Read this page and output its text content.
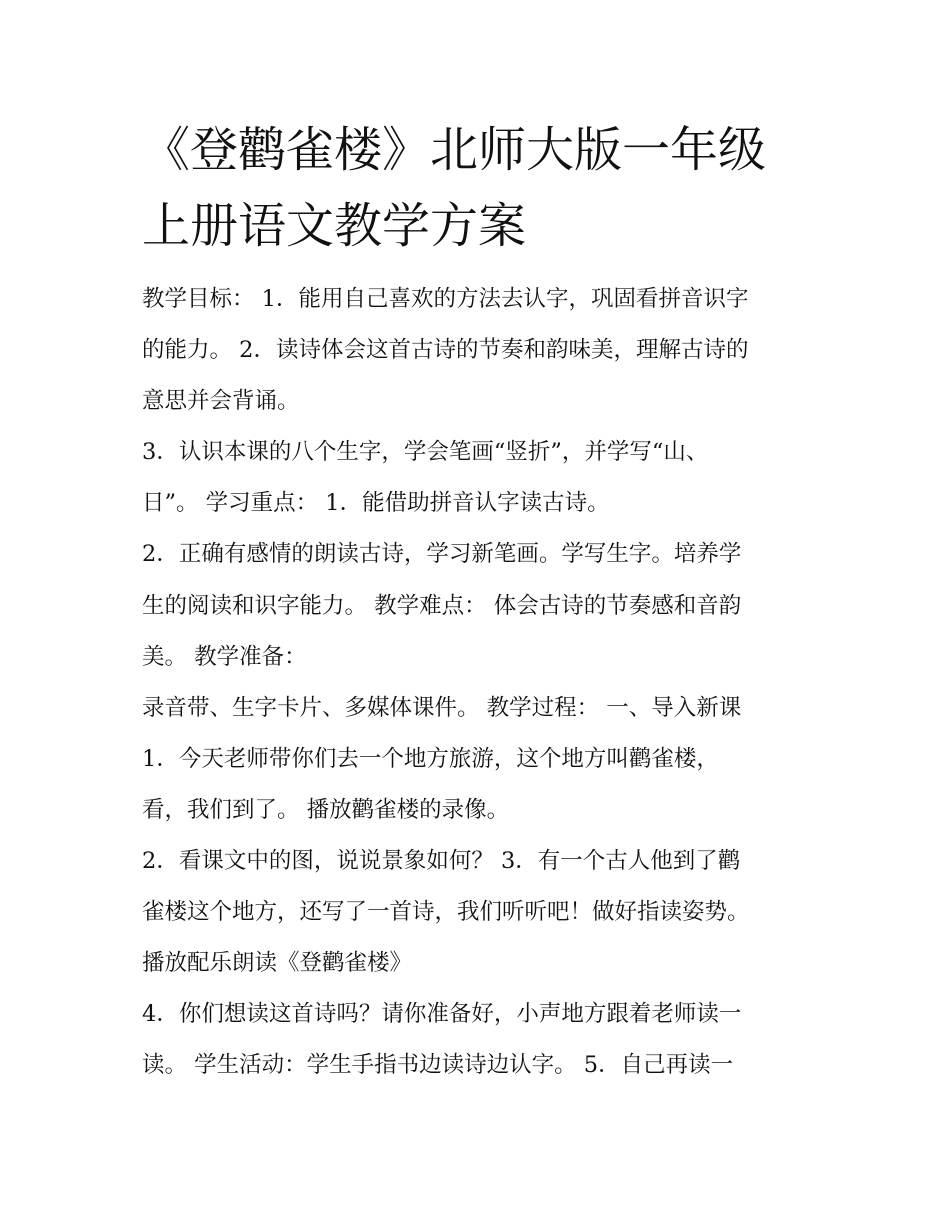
《登鹳雀楼》北师大版一年级
上册语文教学方案
教学目标： 1．能用自己喜欢的方法去认字，巩固看拼音识字
的能力。 2．读诗体会这首古诗的节奏和韵味美，理解古诗的
意思并会背诵。
3．认识本课的八个生字，学会笔画“竖折”，并学写“山、
日”。 学习重点： 1．能借助拼音认字读古诗。
2．正确有感情的朗读古诗，学习新笔画。学写生字。培养学
生的阅读和识字能力。 教学难点： 体会古诗的节奏感和音韵
美。 教学准备：
录音带、生字卡片、多媒体课件。 教学过程： 一、导入新课
1．今天老师带你们去一个地方旅游，这个地方叫鹳雀楼，
看，我们到了。 播放鹳雀楼的录像。
2．看课文中的图，说说景象如何？ 3．有一个古人他到了鹳
雀楼这个地方，还写了一首诗，我们听听吧！做好指读姿势。
播放配乐朗读《登鹳雀楼》
4．你们想读这首诗吗？请你准备好，小声地方跟着老师读一
读。 学生活动：学生手指书边读诗边认字。 5．自己再读一
